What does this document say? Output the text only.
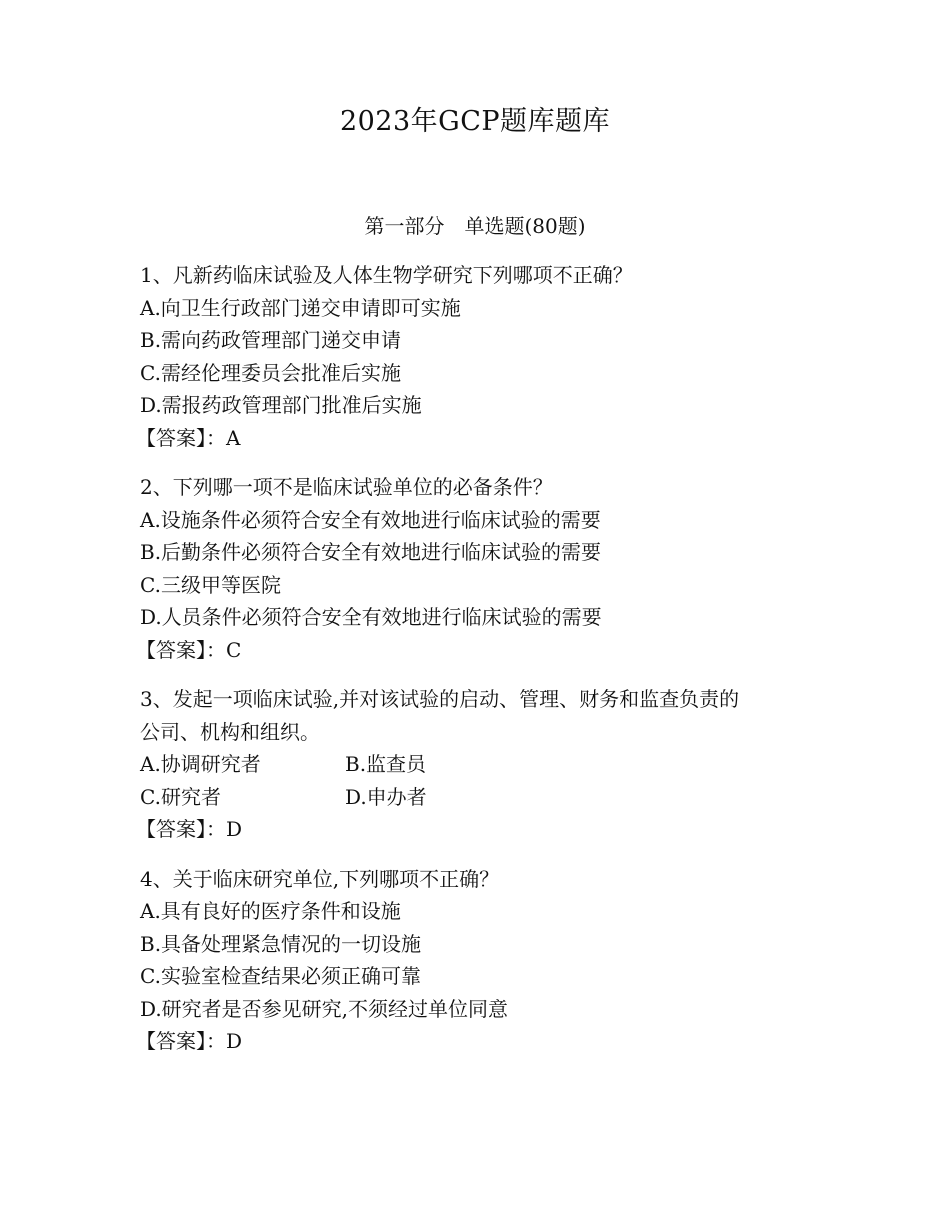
2023年GCP题库题库
第一部分　单选题(80题)
1、凡新药临床试验及人体生物学研究下列哪项不正确？
A.向卫生行政部门递交申请即可实施
B.需向药政管理部门递交申请
C.需经伦理委员会批准后实施
D.需报药政管理部门批准后实施
【答案】：A
2、下列哪一项不是临床试验单位的必备条件？
A.设施条件必须符合安全有效地进行临床试验的需要
B.后勤条件必须符合安全有效地进行临床试验的需要
C.三级甲等医院
D.人员条件必须符合安全有效地进行临床试验的需要
【答案】：C
3、发起一项临床试验,并对该试验的启动、管理、财务和监查负责的
公司、机构和组织。
A.协调研究者	B.监查员
C.研究者	D.申办者
【答案】：D
4、关于临床研究单位,下列哪项不正确？
A.具有良好的医疗条件和设施
B.具备处理紧急情况的一切设施
C.实验室检查结果必须正确可靠
D.研究者是否参见研究,不须经过单位同意
【答案】：D
